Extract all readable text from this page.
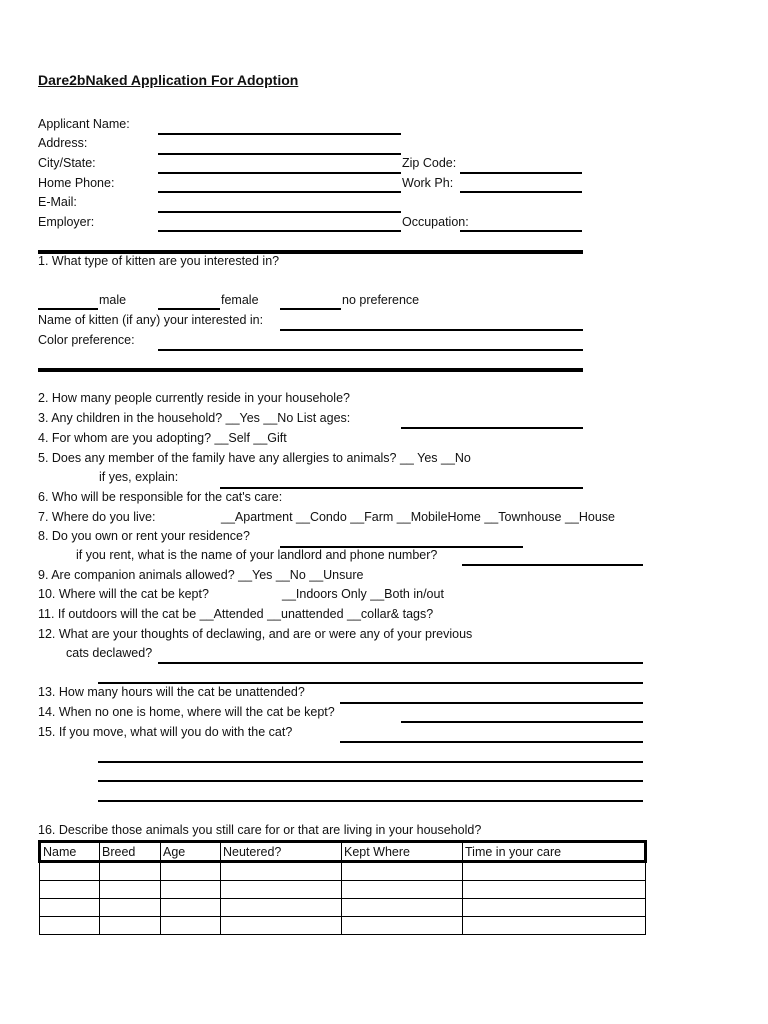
Dare2bNaked Application For Adoption
Applicant Name:
Address:
City/State:	Zip Code:
Home Phone:	Work Ph:
E-Mail:
Employer:	Occupation:
1. What type of kitten are you interested in?
male	female	no preference
Name of kitten (if any) your interested in:
Color preference:
2. How many people currently reside in your househole?
3. Any children in the household? __Yes __No List ages:
4. For whom are you adopting? __Self __Gift
5. Does any member of the family have any allergies to animals? __ Yes __No
if yes, explain:
6. Who will be responsible for the cat's care:
7. Where do you live:	__Apartment __Condo __Farm __MobileHome __Townhouse __House
8. Do you own or rent your residence?
if you rent, what is the name of your landlord and phone number?
9. Are companion animals allowed? __Yes __No __Unsure
10. Where will the cat be kept?	__Indoors Only __Both in/out
11. If outdoors will the cat be __Attended __unattended __collar& tags?
12. What are your thoughts of declawing, and are or were any of your previous
cats declawed?
13. How many hours will the cat be unattended?
14. When no one is home, where will the cat be kept?
15. If you move, what will you do with the cat?
16. Describe those animals you still care for or that are living in your household?
Name	Breed	Age	Neutered?	Kept Where	Time in your care
